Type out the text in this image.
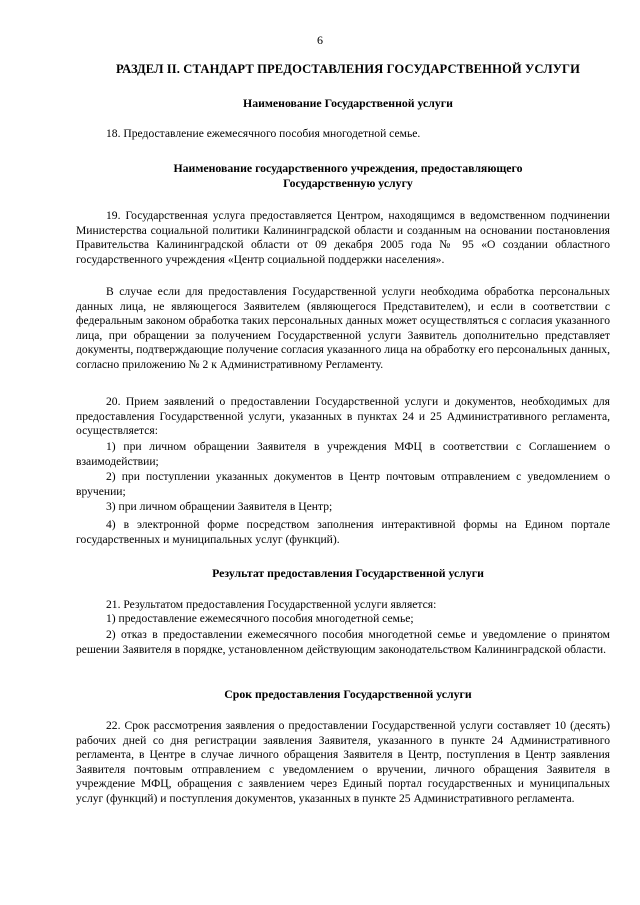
6
РАЗДЕЛ II. СТАНДАРТ ПРЕДОСТАВЛЕНИЯ ГОСУДАРСТВЕННОЙ УСЛУГИ
Наименование Государственной услуги
18. Предоставление ежемесячного пособия многодетной семье.
Наименование государственного учреждения, предоставляющего
Государственную услугу
19. Государственная услуга предоставляется Центром, находящимся в ведомственном подчинении Министерства социальной политики Калининградской области и созданным на основании постановления Правительства Калининградской области от 09 декабря 2005 года № 95 «О создании областного государственного учреждения «Центр социальной поддержки населения».
В случае если для предоставления Государственной услуги необходима обработка персональных данных лица, не являющегося Заявителем (являющегося Представителем), и если в соответствии с федеральным законом обработка таких персональных данных может осуществляться с согласия указанного лица, при обращении за получением Государственной услуги Заявитель дополнительно представляет документы, подтверждающие получение согласия указанного лица на обработку его персональных данных, согласно приложению № 2 к Административному Регламенту.
20. Прием заявлений о предоставлении Государственной услуги и документов, необходимых для предоставления Государственной услуги, указанных в пунктах 24 и 25 Административного регламента, осуществляется:
1) при личном обращении Заявителя в учреждения МФЦ в соответствии с Соглашением о взаимодействии;
2) при поступлении указанных документов в Центр почтовым отправлением с уведомлением о вручении;
3) при личном обращении Заявителя в Центр;
4) в электронной форме посредством заполнения интерактивной формы на Едином портале государственных и муниципальных услуг (функций).
Результат предоставления Государственной услуги
21. Результатом предоставления Государственной услуги является:
1) предоставление ежемесячного пособия многодетной семье;
2) отказ в предоставлении ежемесячного пособия многодетной семье и уведомление о принятом решении Заявителя в порядке, установленном действующим законодательством Калининградской области.
Срок предоставления Государственной услуги
22. Срок рассмотрения заявления о предоставлении Государственной услуги составляет 10 (десять) рабочих дней со дня регистрации заявления Заявителя, указанного в пункте 24 Административного регламента, в Центре в случае личного обращения Заявителя в Центр, поступления в Центр заявления Заявителя почтовым отправлением с уведомлением о вручении, личного обращения Заявителя в учреждение МФЦ, обращения с заявлением через Единый портал государственных и муниципальных услуг (функций) и поступления документов, указанных в пункте 25 Административного регламента.
